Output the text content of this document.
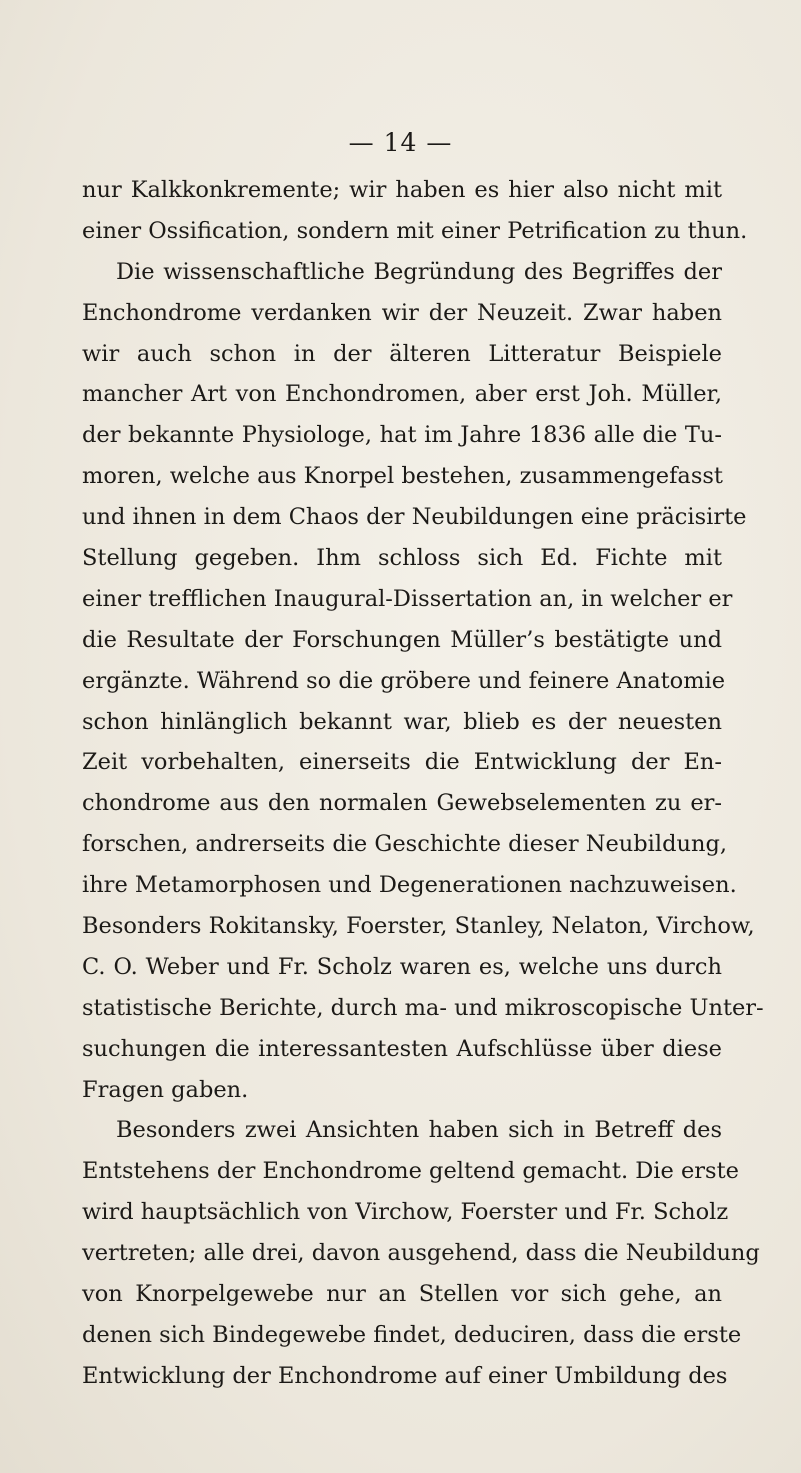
— 14 —
nur Kalkkonkremente; wir haben es hier also nicht mit
einer Ossification, sondern mit einer Petrification zu thun.
Die wissenschaftliche Begründung des Begriffes der
Enchondrome verdanken wir der Neuzeit. Zwar haben
wir auch schon in der älteren Litteratur Beispiele
mancher Art von Enchondromen, aber erst Joh. Müller,
der bekannte Physiologe, hat im Jahre 1836 alle die Tu-
moren, welche aus Knorpel bestehen, zusammengefasst
und ihnen in dem Chaos der Neubildungen eine präcisirte
Stellung gegeben. Ihm schloss sich Ed. Fichte mit
einer trefflichen Inaugural-Dissertation an, in welcher er
die Resultate der Forschungen Müller’s bestätigte und
ergänzte. Während so die gröbere und feinere Anatomie
schon hinlänglich bekannt war, blieb es der neuesten
Zeit vorbehalten, einerseits die Entwicklung der En-
chondrome aus den normalen Gewebselementen zu er-
forschen, andrerseits die Geschichte dieser Neubildung,
ihre Metamorphosen und Degenerationen nachzuweisen.
Besonders Rokitansky, Foerster, Stanley, Nelaton, Virchow,
C. O. Weber und Fr. Scholz waren es, welche uns durch
statistische Berichte, durch ma- und mikroscopische Unter-
suchungen die interessantesten Aufschlüsse über diese
Fragen gaben.
Besonders zwei Ansichten haben sich in Betreff des
Entstehens der Enchondrome geltend gemacht. Die erste
wird hauptsächlich von Virchow, Foerster und Fr. Scholz
vertreten; alle drei, davon ausgehend, dass die Neubildung
von Knorpelgewebe nur an Stellen vor sich gehe, an
denen sich Bindegewebe findet, deduciren, dass die erste
Entwicklung der Enchondrome auf einer Umbildung des
